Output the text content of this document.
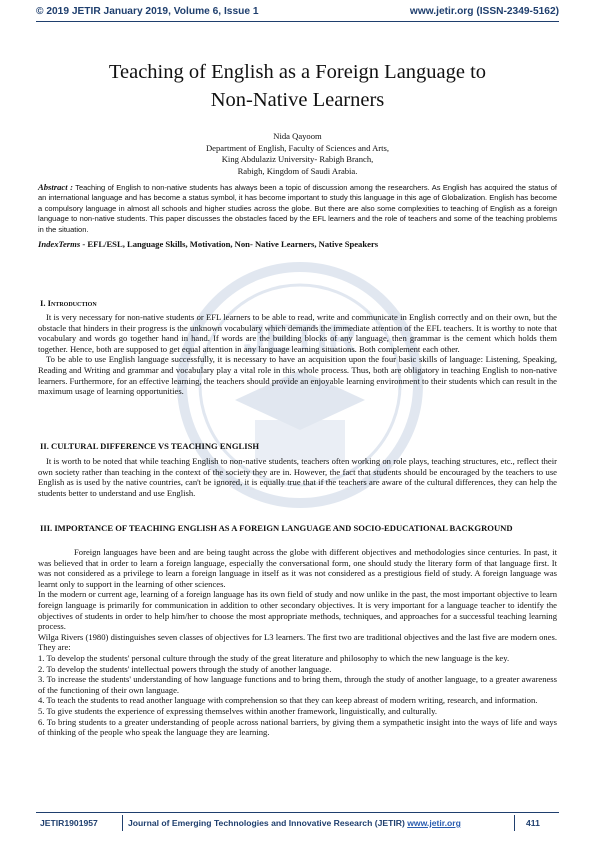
© 2019 JETIR January 2019, Volume 6, Issue 1	www.jetir.org (ISSN-2349-5162)
JETIR
Teaching of English as a Foreign Language to
Non-Native Learners
Nida Qayoom
Department of English, Faculty of Sciences and Arts,
King Abdulaziz University- Rabigh Branch,
Rabigh, Kingdom of Saudi Arabia.
Abstract : Teaching of English to non-native students has always been a topic of discussion among the researchers. As English has acquired the status of an international language and has become a status symbol, it has become important to study this language in this age of Globalization. English has become a compulsory language in almost all schools and higher studies across the globe. But there are also some complexities to teaching of English as a foreign language to non-native students. This paper discusses the obstacles faced by the EFL learners and the role of teachers and some of the teaching problems in the situation.
IndexTerms - EFL/ESL, Language Skills, Motivation, Non- Native Learners, Native Speakers
I. Introduction

It is very necessary for non-native students or EFL learners to be able to read, write and communicate in English correctly and on their own, but the obstacle that hinders in their progress is the unknown vocabulary which demands the immediate attention of the EFL teachers. It is worthy to note that vocabulary and words go together hand in hand. If words are the building blocks of any language, then grammar is the cement which holds them together. Hence, both are supposed to get equal attention in any language learning situations. Both complement each other.

To be able to use English language successfully, it is necessary to have an acquisition upon the four basic skills of language: Listening, Speaking, Reading and Writing and grammar and vocabulary play a vital role in this whole process. Thus, both are obligatory in teaching English to non-native learners. Furthermore, for an effective learning, the teachers should provide an enjoyable learning environment to their students which can result in the maximum usage of learning opportunities.

II. CULTURAL DIFFERENCE VS TEACHING ENGLISH

It is worth to be noted that while teaching English to non-native students, teachers often working on role plays, teaching structures, etc., reflect their own society rather than teaching in the context of the society they are in. However, the fact that students should be encouraged by the teachers to use English as is used by the native countries, can't be ignored, it is equally true that if the teachers are aware of the cultural differences, they can help the students better to understand and use English.

III. IMPORTANCE OF TEACHING ENGLISH AS A FOREIGN LANGUAGE AND SOCIO-EDUCATIONAL BACKGROUND

Foreign languages have been and are being taught across the globe with different objectives and methodologies since centuries. In past, it was believed that in order to learn a foreign language, especially the conversational form, one should study the literary form of that language first. It was not considered as a privilege to learn a foreign language in itself as it was not considered as a prestigious field of study. A foreign language was learnt only to support in the learning of other sciences.

In the modern or current age, learning of a foreign language has its own field of study and now unlike in the past, the most important objective to learn foreign language is primarily for communication in addition to other secondary objectives. It is very important for a language teacher to identify the objectives of students in order to help him/her to choose the most appropriate methods, techniques, and approaches for a successful teaching learning process.

Wilga Rivers (1980) distinguishes seven classes of objectives for L3 learners. The first two are traditional objectives and the last five are modern ones. They are:

1. To develop the students' personal culture through the study of the great literature and philosophy to which the new language is the key.

2. To develop the students' intellectual powers through the study of another language.

3. To increase the students' understanding of how language functions and to bring them, through the study of another language, to a greater awareness of the functioning of their own language.

4. To teach the students to read another language with comprehension so that they can keep abreast of modern writing, research, and information.

5. To give students the experience of expressing themselves within another framework, linguistically, and culturally.

6. To bring students to a greater understanding of people across national barriers, by giving them a sympathetic insight into the ways of life and ways of thinking of the people who speak the language they are learning.

JETIR1901957	Journal of Emerging Technologies and Innovative Research (JETIR) www.jetir.org	411
